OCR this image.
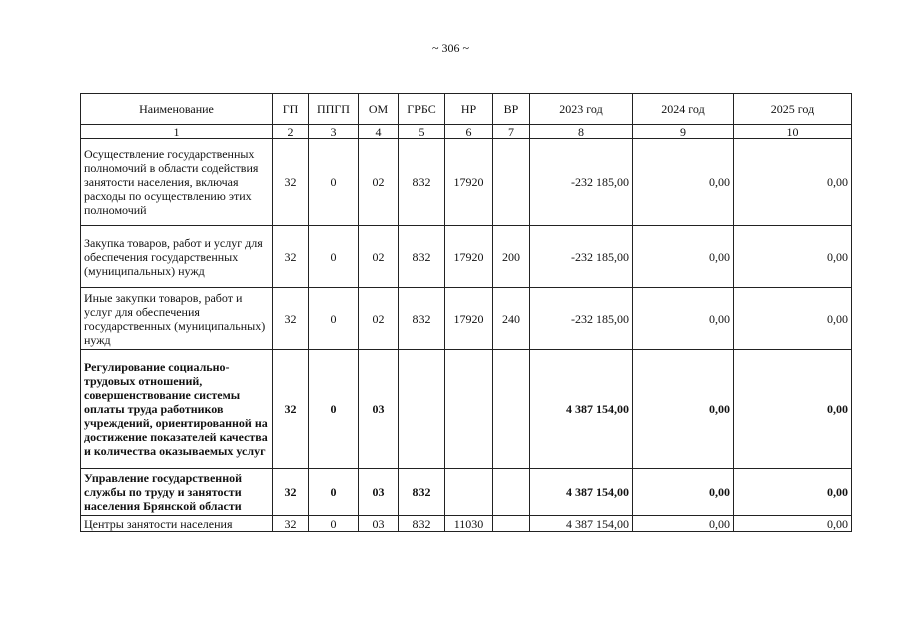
~ 306 ~
Наименование	ГП	ППГП	ОМ	ГРБС	НР	ВР	2023 год	2024 год	2025 год
1	2	3	4	5	6	7	8	9	10
Осуществление государственных полномочий в области содействия занятости населения, включая расходы по осуществлению этих полномочий	32	0	02	832	17920		-232 185,00	0,00	0,00
Закупка товаров, работ и услуг для обеспечения государственных (муниципальных) нужд	32	0	02	832	17920	200	-232 185,00	0,00	0,00
Иные закупки товаров, работ и услуг для обеспечения государственных (муниципальных) нужд	32	0	02	832	17920	240	-232 185,00	0,00	0,00
Регулирование социально-трудовых отношений, совершенствование системы оплаты труда работников учреждений, ориентированной на достижение показателей качества и количества оказываемых услуг	32	0	03				4 387 154,00	0,00	0,00
Управление государственной службы по труду и занятости населения Брянской области	32	0	03	832			4 387 154,00	0,00	0,00
Центры занятости населения	32	0	03	832	11030		4 387 154,00	0,00	0,00
